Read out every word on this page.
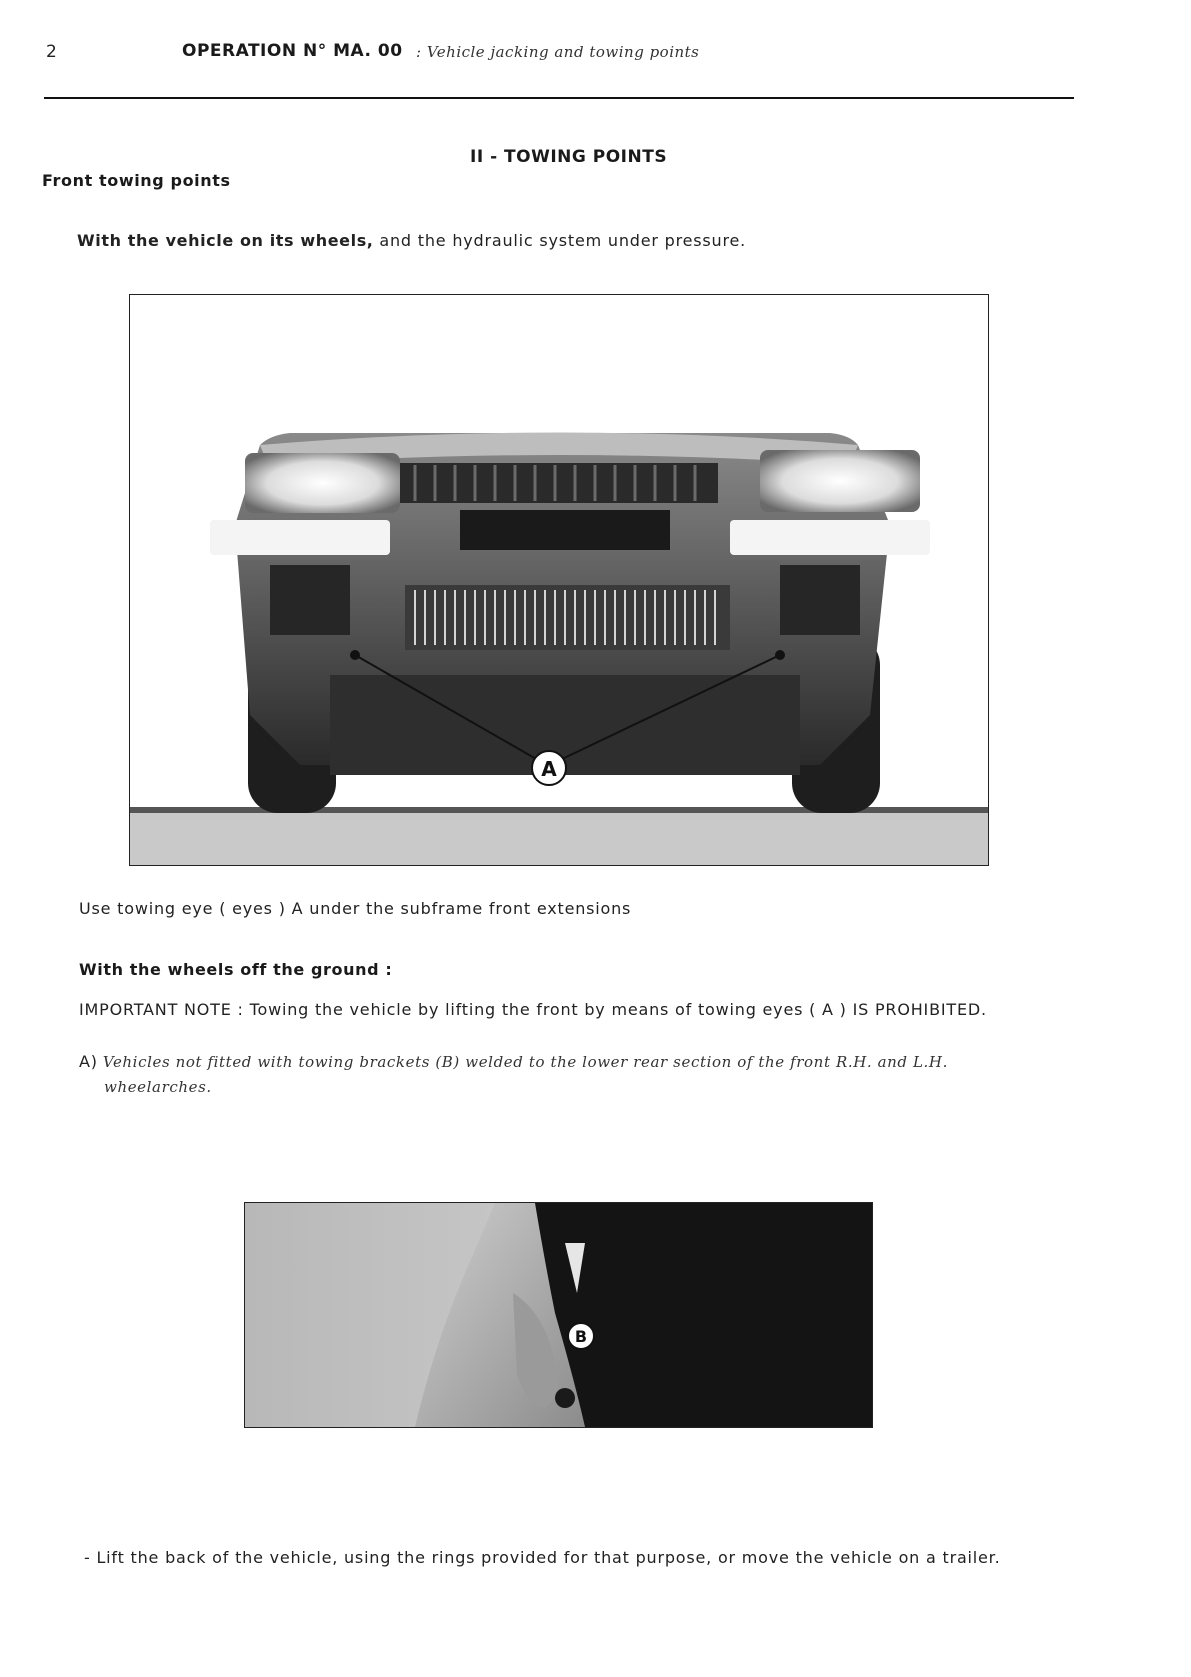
2	OPERATION N° MA. 00 : Vehicle jacking and towing points
II - TOWING POINTS
Front towing points
With the vehicle on its wheels, and the hydraulic system under pressure.
A
Use towing eye ( eyes ) A under the subframe front extensions
With the wheels off the ground :
IMPORTANT NOTE : Towing the vehicle by lifting the front by means of towing eyes ( A ) IS PROHIBITED.
A) Vehicles not fitted with towing brackets (B) welded to the lower rear section of the front R.H. and L.H.
wheelarches.
B
- Lift the back of the vehicle, using the rings provided for that purpose, or move the vehicle on a trailer.
